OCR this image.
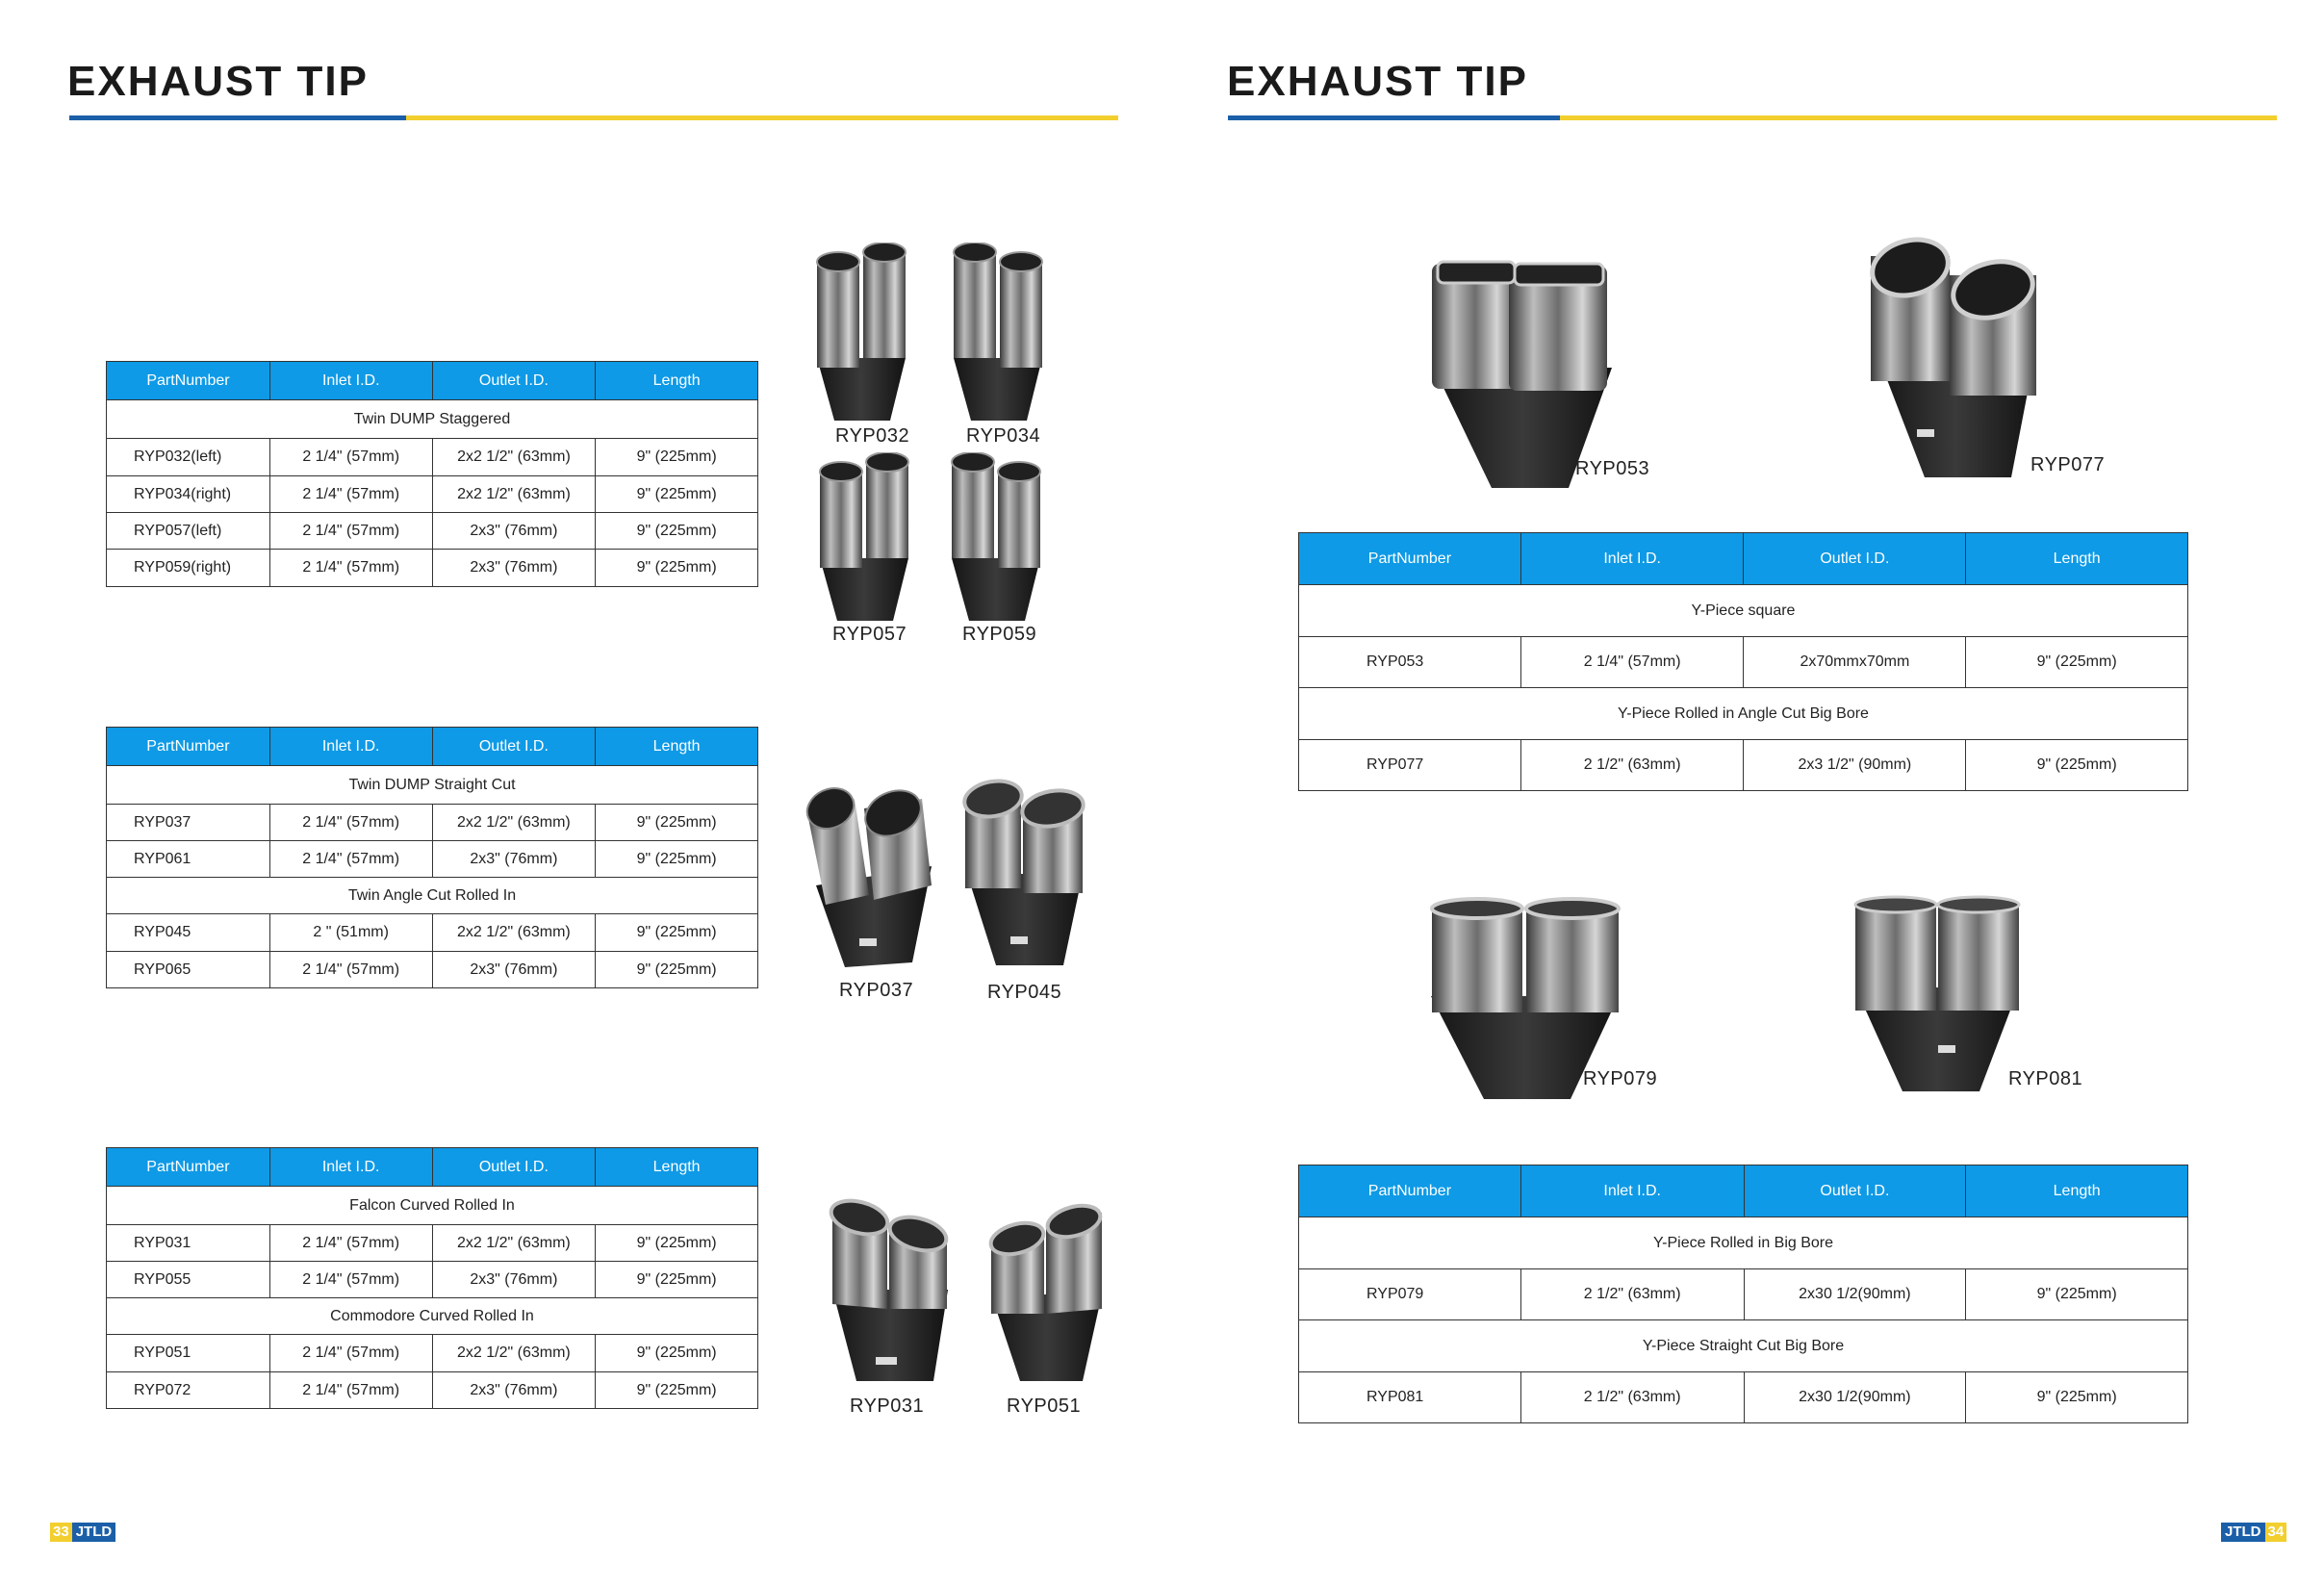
EXHAUST TIP
PartNumber	Inlet I.D.	Outlet I.D.	Length
Twin DUMP Staggered			
RYP032(left)	2 1/4" (57mm)	2x2 1/2" (63mm)	9" (225mm)
RYP034(right)	2 1/4" (57mm)	2x2 1/2" (63mm)	9" (225mm)
RYP057(left)	2 1/4" (57mm)	2x3" (76mm)	9" (225mm)
RYP059(right)	2 1/4" (57mm)	2x3" (76mm)	9" (225mm)
PartNumber	Inlet I.D.	Outlet I.D.	Length
Twin DUMP Straight Cut			
RYP037	2 1/4" (57mm)	2x2 1/2" (63mm)	9" (225mm)
RYP061	2 1/4" (57mm)	2x3" (76mm)	9" (225mm)
Twin Angle Cut Rolled In			
RYP045	2 " (51mm)	2x2 1/2" (63mm)	9" (225mm)
RYP065	2 1/4" (57mm)	2x3" (76mm)	9" (225mm)
PartNumber	Inlet I.D.	Outlet I.D.	Length
Falcon Curved Rolled In			
RYP031	2 1/4" (57mm)	2x2 1/2" (63mm)	9" (225mm)
RYP055	2 1/4" (57mm)	2x3" (76mm)	9" (225mm)
Commodore Curved Rolled In			
RYP051	2 1/4" (57mm)	2x2 1/2" (63mm)	9" (225mm)
RYP072	2 1/4" (57mm)	2x3" (76mm)	9" (225mm)
RYP032	RYP034
RYP057	RYP059
RYP037	RYP045
RYP031	RYP051
33 JTLD
EXHAUST TIP
RYP053	RYP077
PartNumber	Inlet I.D.	Outlet I.D.	Length
Y-Piece square			
RYP053	2 1/4" (57mm)	2x70mmx70mm	9" (225mm)
Y-Piece Rolled in Angle Cut Big Bore			
RYP077	2 1/2" (63mm)	2x3 1/2" (90mm)	9" (225mm)
RYP079	RYP081
PartNumber	Inlet I.D.	Outlet I.D.	Length
Y-Piece Rolled in Big Bore			
RYP079	2 1/2" (63mm)	2x30 1/2(90mm)	9" (225mm)
Y-Piece Straight Cut Big Bore			
RYP081	2 1/2" (63mm)	2x30 1/2(90mm)	9" (225mm)
JTLD 34
